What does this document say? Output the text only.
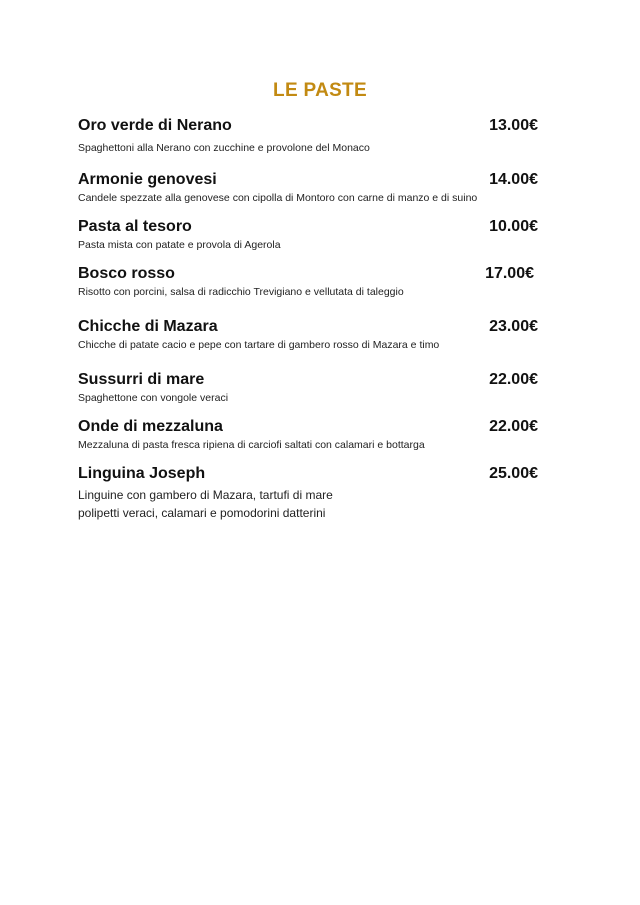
LE PASTE
Oro verde di Nerano	13.00€
Spaghettoni alla Nerano con zucchine e provolone del Monaco
Armonie genovesi	14.00€
Candele spezzate alla genovese con cipolla di Montoro con carne di manzo e di suino
Pasta al tesoro	10.00€
Pasta mista con patate e provola di Agerola
Bosco rosso	17.00€
Risotto con porcini, salsa di radicchio Trevigiano e vellutata di taleggio
Chicche di Mazara	23.00€
Chicche di patate cacio e pepe con tartare di gambero rosso di Mazara e timo
Sussurri di mare	22.00€
Spaghettone con vongole veraci
Onde di mezzaluna	22.00€
Mezzaluna di pasta fresca ripiena di carciofi saltati con calamari e bottarga
Linguina Joseph	25.00€
Linguine con gambero di Mazara, tartufi di mare
polipetti veraci, calamari e pomodorini datterini
